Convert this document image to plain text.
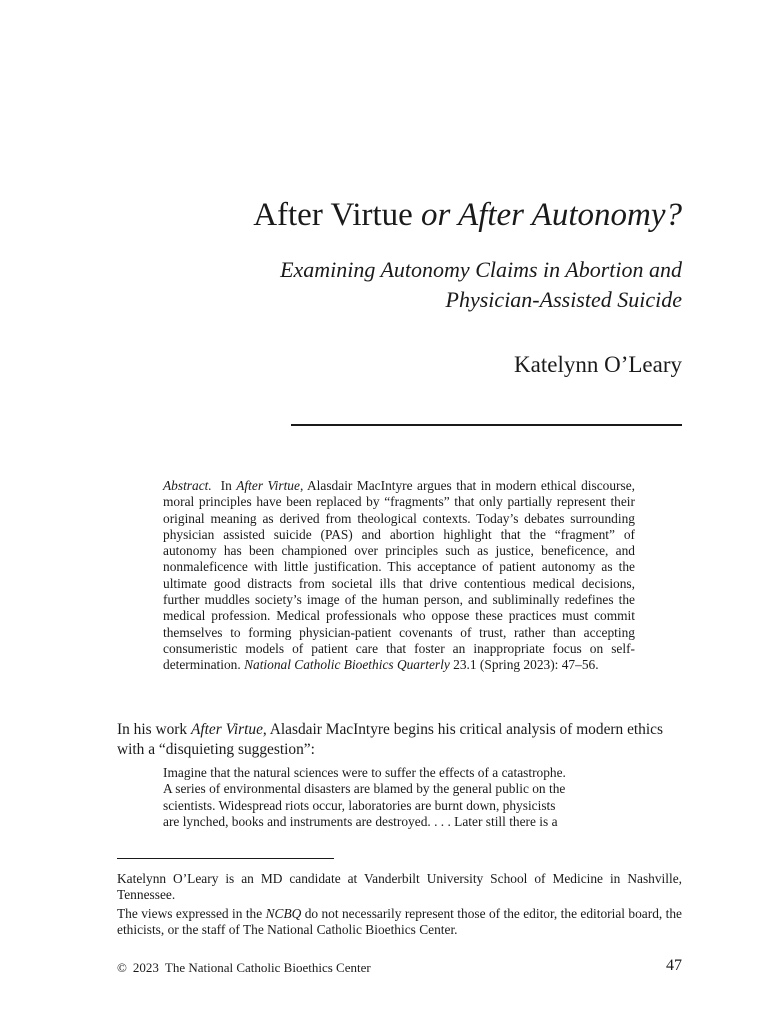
After Virtue or After Autonomy?
Examining Autonomy Claims in Abortion and
Physician-Assisted Suicide
Katelynn O’Leary

Abstract. In After Virtue, Alasdair MacIntyre argues that in modern ethical discourse, moral principles have been replaced by “fragments” that only partially represent their original meaning as derived from theological contexts. Today’s debates surrounding physician assisted suicide (PAS) and abortion highlight that the “fragment” of autonomy has been championed over principles such as justice, beneficence, and nonmaleficence with little justification. This acceptance of patient autonomy as the ultimate good distracts from societal ills that drive contentious medical decisions, further muddles society’s image of the human person, and subliminally redefines the medical profession. Medical professionals who oppose these practices must commit themselves to forming physician-patient covenants of trust, rather than accepting consumeristic models of patient care that foster an inappropriate focus on self-determination. National Catholic Bioethics Quarterly 23.1 (Spring 2023): 47–56.

In his work After Virtue, Alasdair MacIntyre begins his critical analysis of modern ethics with a “disquieting suggestion”:

Imagine that the natural sciences were to suffer the effects of a catastrophe.
A series of environmental disasters are blamed by the general public on the
scientists. Widespread riots occur, laboratories are burnt down, physicists
are lynched, books and instruments are destroyed. . . . Later still there is a

Katelynn O’Leary is an MD candidate at Vanderbilt University School of Medicine in Nashville, Tennessee.

The views expressed in the NCBQ do not necessarily represent those of the editor, the editorial board, the ethicists, or the staff of The National Catholic Bioethics Center.

© 2023 The National Catholic Bioethics Center	47
